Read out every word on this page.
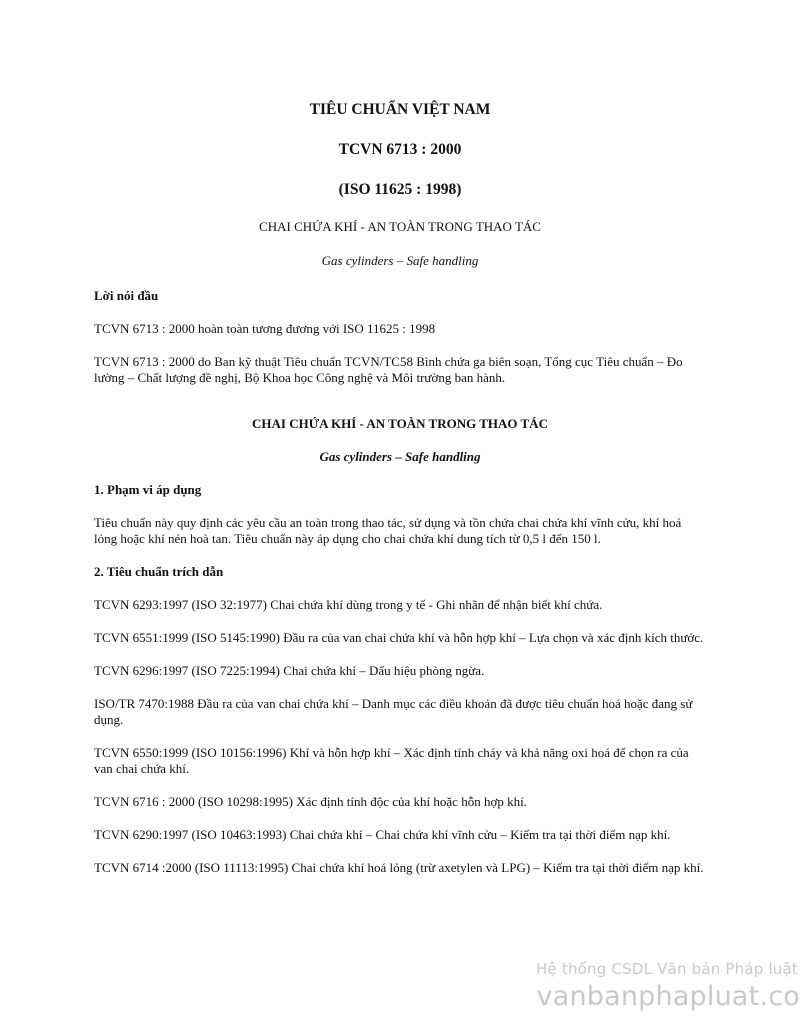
TIÊU CHUẨN VIỆT NAM
TCVN 6713 : 2000
(ISO 11625 : 1998)
CHAI CHỨA KHÍ - AN TOÀN TRONG THAO TÁC
Gas cylinders – Safe handling
Lời nói đầu

TCVN 6713 : 2000 hoàn toàn tương đương với ISO 11625 : 1998

TCVN 6713 : 2000 do Ban kỹ thuật Tiêu chuẩn TCVN/TC58 Bình chứa ga biên soạn, Tổng cục Tiêu chuẩn – Đo lường – Chất lượng đề nghị, Bộ Khoa học Công nghệ và Môi trường ban hành.

CHAI CHỨA KHÍ - AN TOÀN TRONG THAO TÁC
Gas cylinders – Safe handling
1. Phạm vi áp dụng

Tiêu chuẩn này quy định các yêu cầu an toàn trong thao tác, sử dụng và tồn chứa chai chứa khí vĩnh cửu, khí hoá lỏng hoặc khí nén hoà tan. Tiêu chuẩn này áp dụng cho chai chứa khí dung tích từ 0,5 l đến 150 l.

2. Tiêu chuẩn trích dẫn

TCVN 6293:1997 (ISO 32:1977) Chai chứa khí dùng trong y tế - Ghi nhãn để nhận biết khí chứa.

TCVN 6551:1999 (ISO 5145:1990) Đầu ra của van chai chứa khí và hỗn hợp khí – Lựa chọn và xác định kích thước.

TCVN 6296:1997 (ISO 7225:1994) Chai chứa khí – Dấu hiệu phòng ngừa.

ISO/TR 7470:1988 Đầu ra của van chai chứa khí – Danh mục các điều khoản đã được tiêu chuẩn hoá hoặc đang sử dụng.

TCVN 6550:1999 (ISO 10156:1996) Khí và hỗn hợp khí – Xác định tính cháy và khả năng oxi hoá để chọn ra của van chai chứa khí.

TCVN 6716 : 2000 (ISO 10298:1995) Xác định tính độc của khí hoặc hỗn hợp khí.

TCVN 6290:1997 (ISO 10463:1993) Chai chứa khí – Chai chứa khí vĩnh cửu – Kiểm tra tại thời điểm nạp khí.

TCVN 6714 :2000 (ISO 11113:1995) Chai chứa khí hoá lỏng (trừ axetylen và LPG) – Kiểm tra tại thời điểm nạp khí.

Hệ thống CSDL Văn bản Pháp luật
vanbanphapluat.co
